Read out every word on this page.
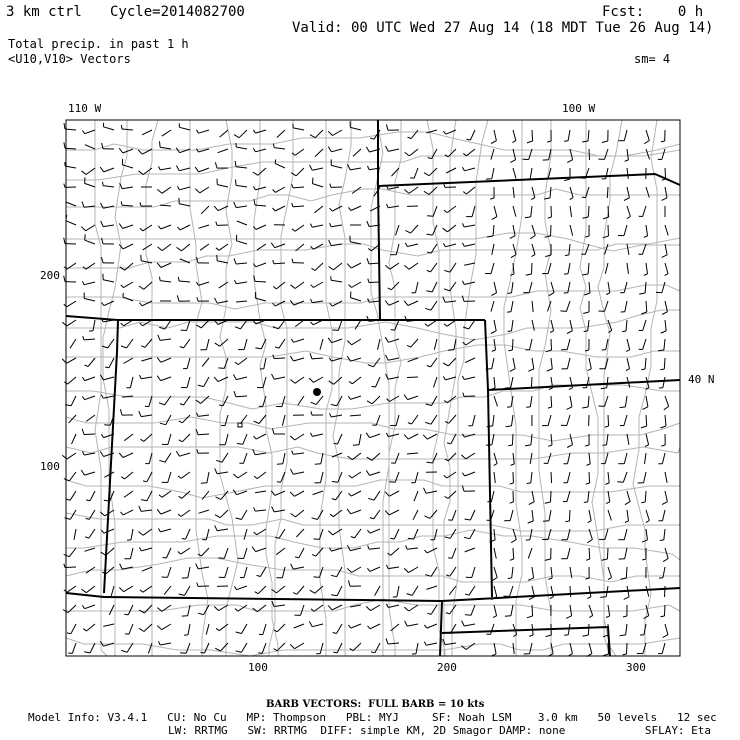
3 km ctrl Cycle=2014082700	Fcst:    0 h
Valid: 00 UTC Wed 27 Aug 14 (18 MDT Tue 26 Aug 14)
Total precip. in past 1 h
<U10,V10> Vectors	sm= 4
110 W	100 W
40 N
200
100
100	200	300
BARB VECTORS:  FULL BARB = 10 kts
Model Info: V3.4.1   CU: No Cu   MP: Thompson   PBL: MYJ     SF: Noah LSM    3.0 km   50 levels   12 sec
LW: RRTMG   SW: RRTMG  DIFF: simple KM, 2D Smagor DAMP: none            SFLAY: Eta
